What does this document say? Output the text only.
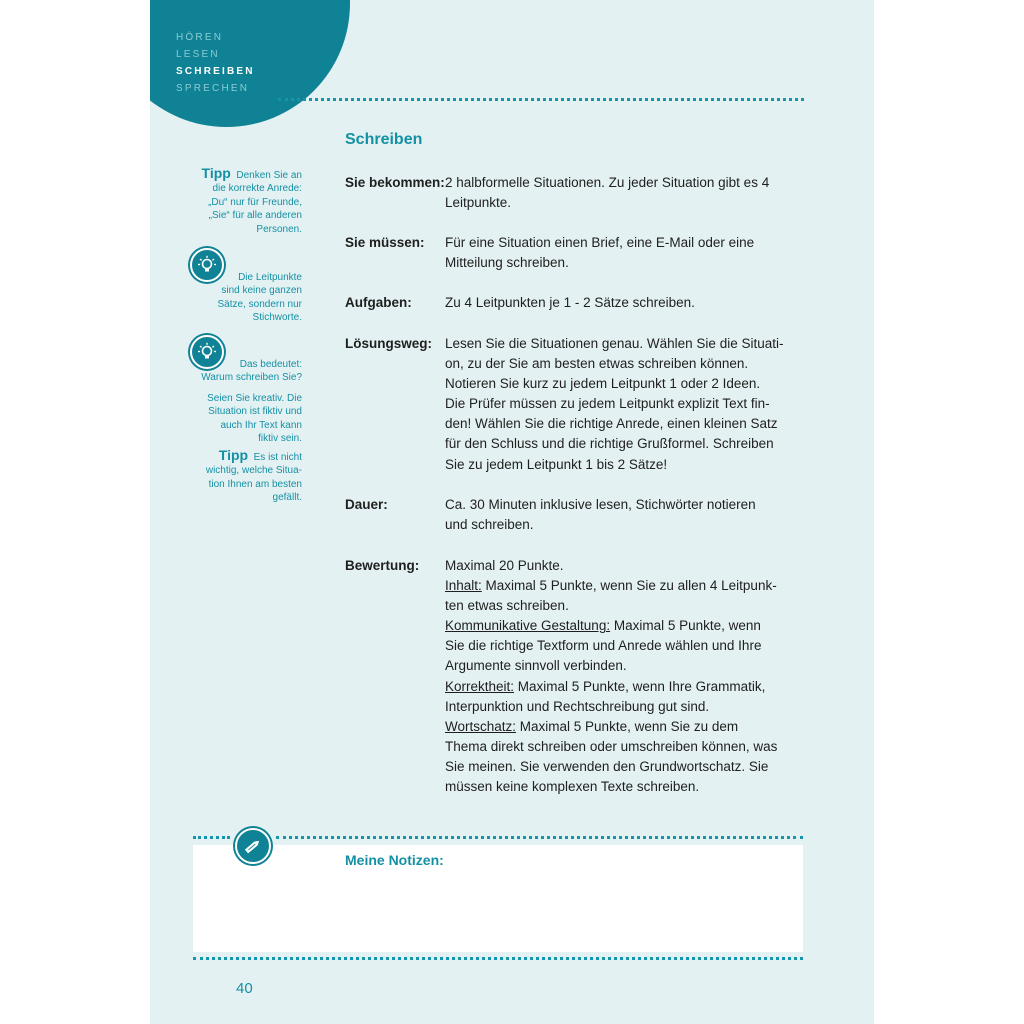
HÖREN
LESEN
SCHREIBEN
SPRECHEN
Schreiben
Tipp Denken Sie an
die korrekte Anrede:
„Du“ nur für Freunde,
„Sie“ für alle anderen
Personen.
Die Leitpunkte
sind keine ganzen
Sätze, sondern nur
Stichworte.
Das bedeutet:
Warum schreiben Sie?
Seien Sie kreativ. Die
Situation ist fiktiv und
auch Ihr Text kann
fiktiv sein.
Tipp Es ist nicht
wichtig, welche Situa-
tion Ihnen am besten
gefällt.
Sie bekommen: 2 halbformelle Situationen. Zu jeder Situation gibt es 4
Leitpunkte.
Sie müssen: Für eine Situation einen Brief, eine E-Mail oder eine
Mitteilung schreiben.
Aufgaben: Zu 4 Leitpunkten je 1 - 2 Sätze schreiben.
Lösungsweg: Lesen Sie die Situationen genau. Wählen Sie die Situati-
on, zu der Sie am besten etwas schreiben können.
Notieren Sie kurz zu jedem Leitpunkt 1 oder 2 Ideen.
Die Prüfer müssen zu jedem Leitpunkt explizit Text fin-
den! Wählen Sie die richtige Anrede, einen kleinen Satz
für den Schluss und die richtige Grußformel. Schreiben
Sie zu jedem Leitpunkt 1 bis 2 Sätze!
Dauer:	Ca. 30 Minuten inklusive lesen, Stichwörter notieren
und schreiben.
Bewertung: Maximal 20 Punkte.
Inhalt: Maximal 5 Punkte, wenn Sie zu allen 4 Leitpunk-
ten etwas schreiben.
Kommunikative Gestaltung: Maximal 5 Punkte, wenn
Sie die richtige Textform und Anrede wählen und Ihre
Argumente sinnvoll verbinden.
Korrektheit: Maximal 5 Punkte, wenn Ihre Grammatik,
Interpunktion und Rechtschreibung gut sind.
Wortschatz: Maximal 5 Punkte, wenn Sie zu dem
Thema direkt schreiben oder umschreiben können, was
Sie meinen. Sie verwenden den Grundwortschatz. Sie
müssen keine komplexen Texte schreiben.
Meine Notizen:
40
